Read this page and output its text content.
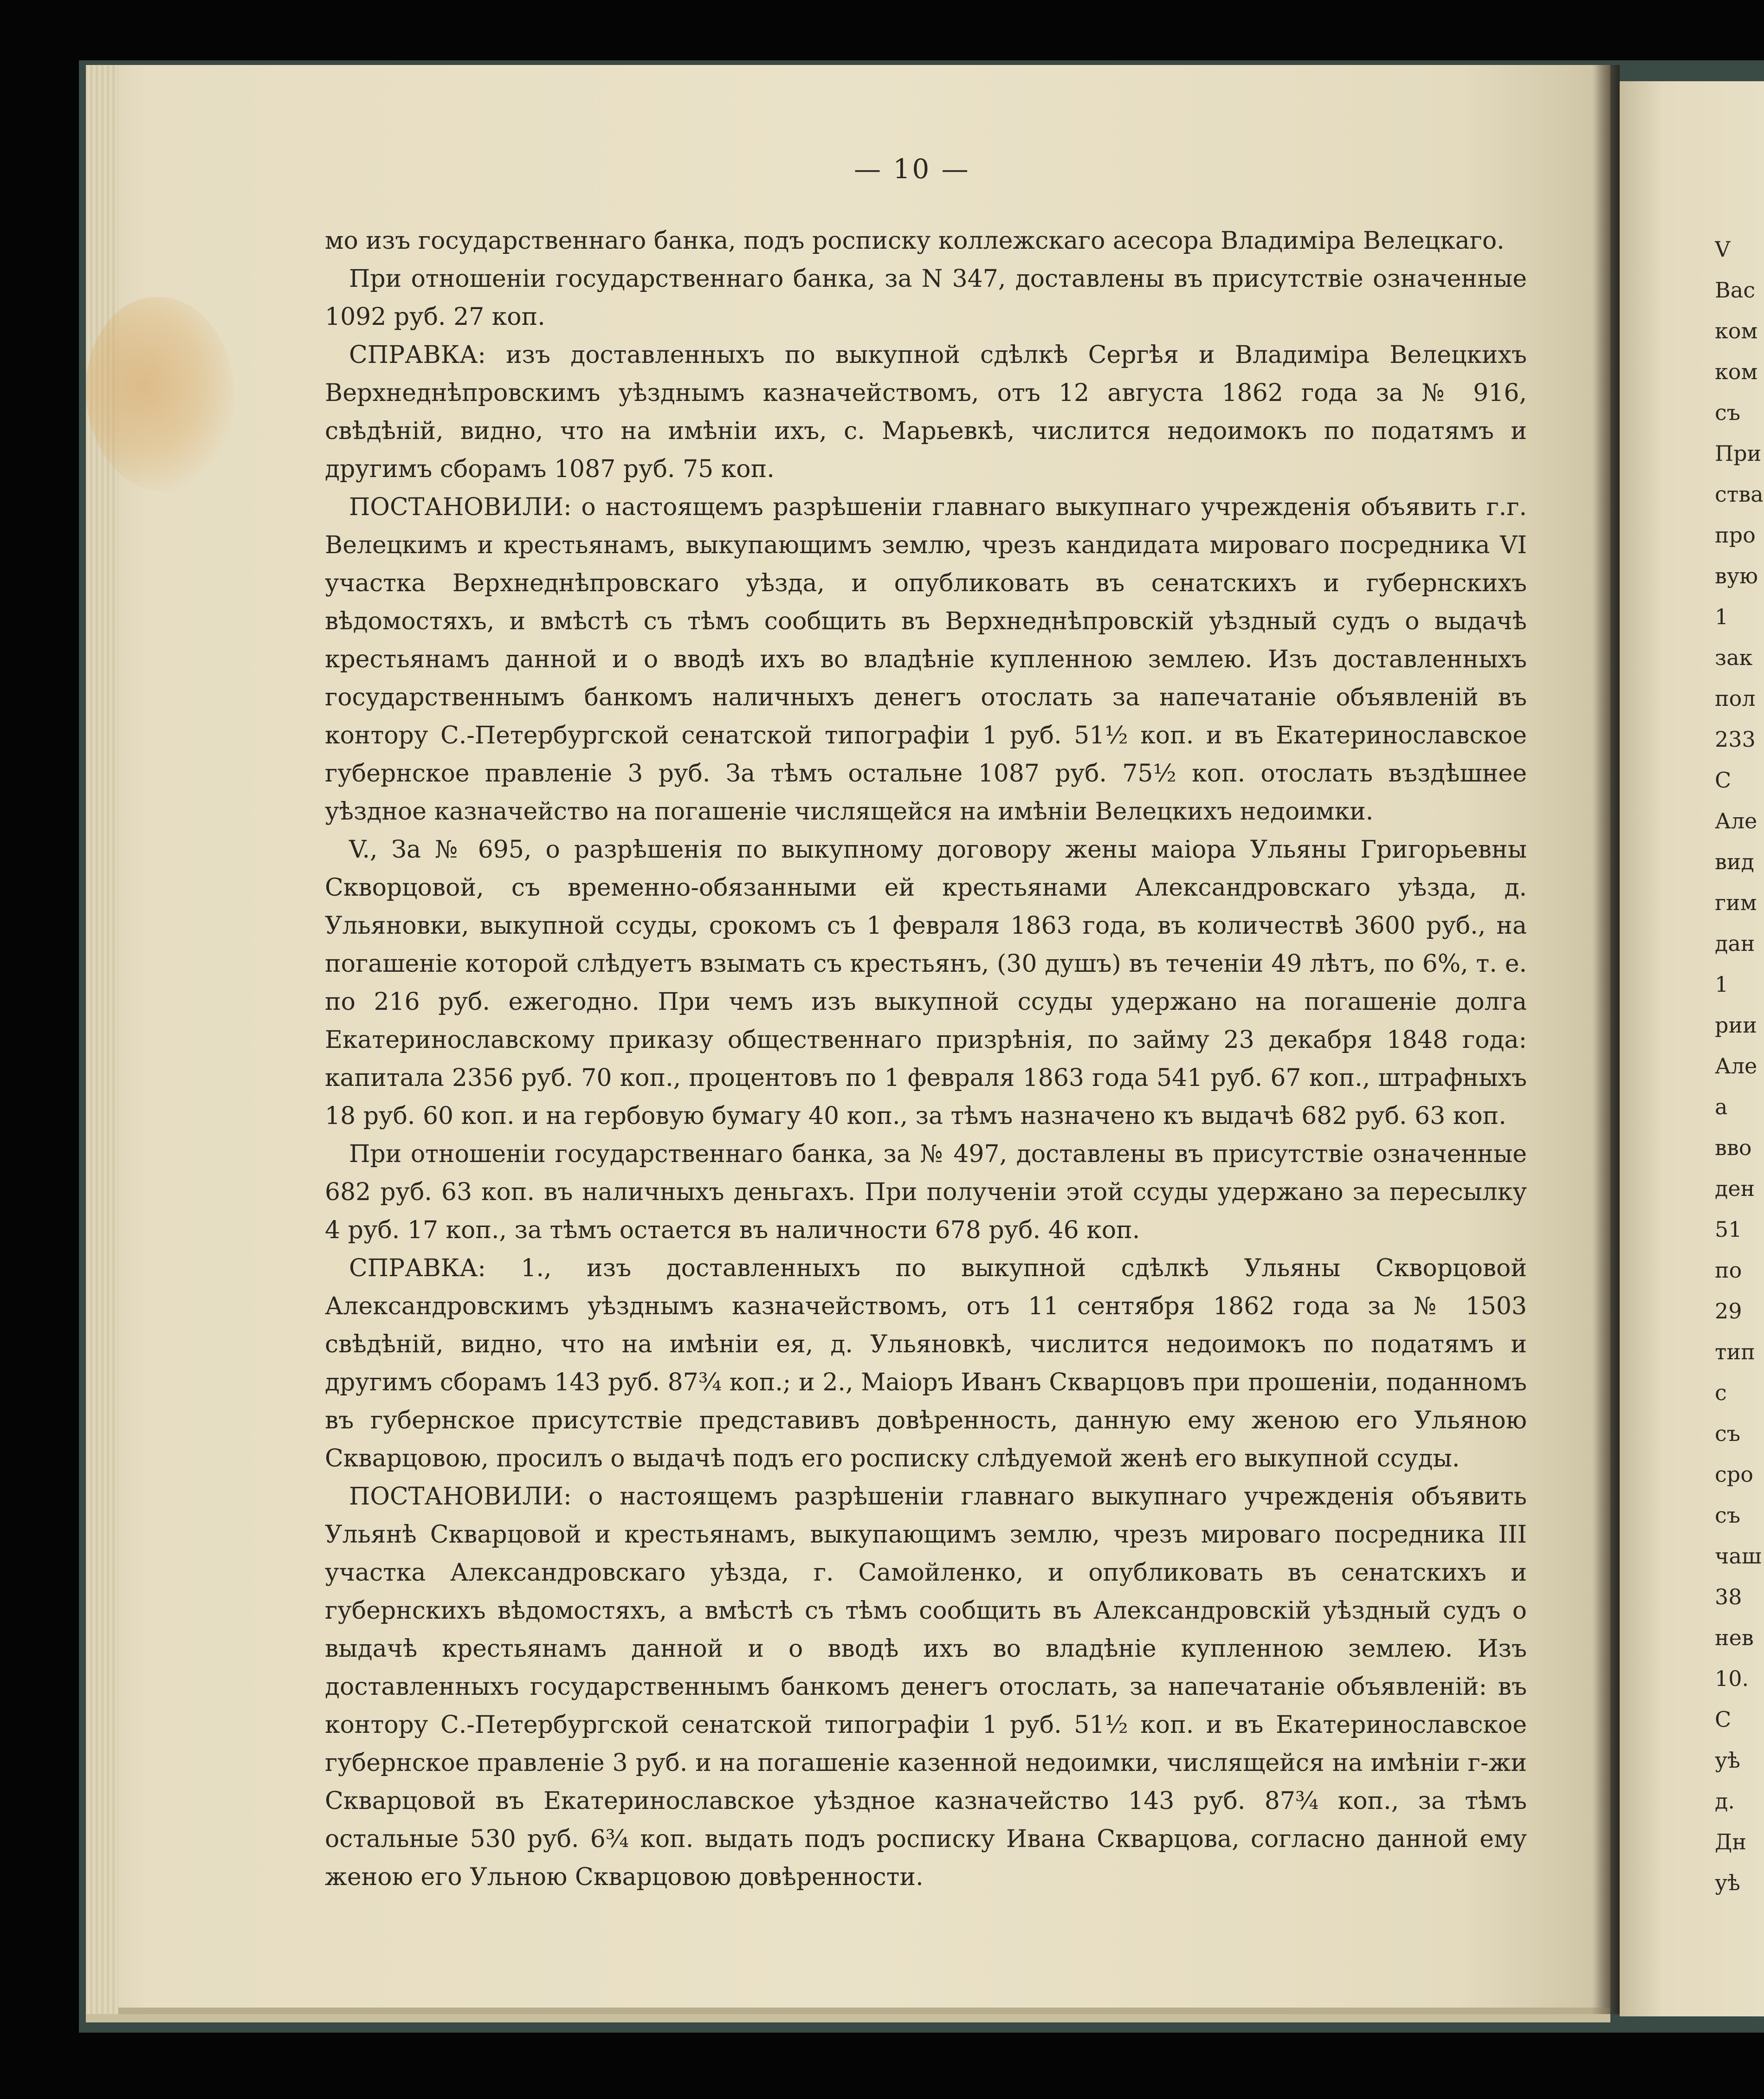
— 10 —

мо изъ государственнаго банка, подъ росписку коллежскаго асесора Владиміра Велецкаго.

При отношеніи государственнаго банка, за N 347, доставлены въ присутствіе означенные 1092 руб. 27 коп.

СПРАВКА: изъ доставленныхъ по выкупной сдѣлкѣ Сергѣя и Владиміра Велецкихъ Верхнеднѣпровскимъ уѣзднымъ казначействомъ, отъ 12 августа 1862 года за № 916, свѣдѣній, видно, что на имѣніи ихъ, с. Марьевкѣ, числится недоимокъ по податямъ и другимъ сборамъ 1087 руб. 75 коп.

ПОСТАНОВИЛИ: о настоящемъ разрѣшеніи главнаго выкупнаго учрежденія объявить г.г. Велецкимъ и крестьянамъ, выкупающимъ землю, чрезъ кандидата мироваго посредника VI участка Верхнеднѣпровскаго уѣзда, и опубликовать въ сенатскихъ и губернскихъ вѣдомостяхъ, и вмѣстѣ съ тѣмъ сообщить въ Верхнеднѣпровскій уѣздный судъ о выдачѣ крестьянамъ данной и о вводѣ ихъ во владѣніе купленною землею. Изъ доставленныхъ государственнымъ банкомъ наличныхъ денегъ отослать за напечатаніе объявленій въ контору С.-Петербургской сенатской типографіи 1 руб. 51½ коп. и въ Екатеринославское губернское правленіе 3 руб. За тѣмъ остальне 1087 руб. 75½ коп. отослать въздѣшнее уѣздное казначейство на погашеніе числящейся на имѣніи Велецкихъ недоимки.

V., За № 695, о разрѣшенія по выкупному договору жены маіора Ульяны Григорьевны Скворцовой, съ временно-обязанными ей крестьянами Александровскаго уѣзда, д. Ульяновки, выкупной ссуды, срокомъ съ 1 февраля 1863 года, въ количествѣ 3600 руб., на погашеніе которой слѣдуетъ взымать съ крестьянъ, (30 душъ) въ теченіи 49 лѣтъ, по 6%, т. е. по 216 руб. ежегодно. При чемъ изъ выкупной ссуды удержано на погашеніе долга Екатеринославскому приказу общественнаго призрѣнія, по займу 23 декабря 1848 года: капитала 2356 руб. 70 коп., процентовъ по 1 февраля 1863 года 541 руб. 67 коп., штрафныхъ 18 руб. 60 коп. и на гербовую бумагу 40 коп., за тѣмъ назначено къ выдачѣ 682 руб. 63 коп.

При отношеніи государственнаго банка, за № 497, доставлены въ присутствіе означенные 682 руб. 63 коп. въ наличныхъ деньгахъ. При полученіи этой ссуды удержано за пересылку 4 руб. 17 коп., за тѣмъ остается въ наличности 678 руб. 46 коп.

СПРАВКА: 1., изъ доставленныхъ по выкупной сдѣлкѣ Ульяны Скворцовой Александровскимъ уѣзднымъ казначействомъ, отъ 11 сентября 1862 года за № 1503 свѣдѣній, видно, что на имѣніи ея, д. Ульяновкѣ, числится недоимокъ по податямъ и другимъ сборамъ 143 руб. 87¾ коп.; и 2., Маіоръ Иванъ Скварцовъ при прошеніи, поданномъ въ губернское присутствіе представивъ довѣренность, данную ему женою его Ульяною Скварцовою, просилъ о выдачѣ подъ его росписку слѣдуемой женѣ его выкупной ссуды.

ПОСТАНОВИЛИ: о настоящемъ разрѣшеніи главнаго выкупнаго учрежденія объявить Ульянѣ Скварцовой и крестьянамъ, выкупающимъ землю, чрезъ мироваго посредника III участка Александровскаго уѣзда, г. Самойленко, и опубликовать въ сенатскихъ и губернскихъ вѣдомостяхъ, а вмѣстѣ съ тѣмъ сообщить въ Александровскій уѣздный судъ о выдачѣ крестьянамъ данной и о вводѣ ихъ во владѣніе купленною землею. Изъ доставленныхъ государственнымъ банкомъ денегъ отослать, за напечатаніе объявленій: въ контору С.-Петербургской сенатской типографіи 1 руб. 51½ коп. и въ Екатеринославское губернское правленіе 3 руб. и на погашеніе казенной недоимки, числящейся на имѣніи г-жи Скварцовой въ Екатеринославское уѣздное казначейство 143 руб. 87¾ коп., за тѣмъ остальные 530 руб. 6¾ коп. выдать подъ росписку Ивана Скварцова, согласно данной ему женою его Ульною Скварцовою довѣренности.

V
Вас
ком
ком
съ
При
ства
про
вую
1
зак
пол
233
С
Але
вид
гим
дан
1
рии
Але
а
вво
ден
51
по
29
тип
с
съ
сро
съ
чаш
38
нев
10.
С
уѣ
д.
Дн
уѣ
